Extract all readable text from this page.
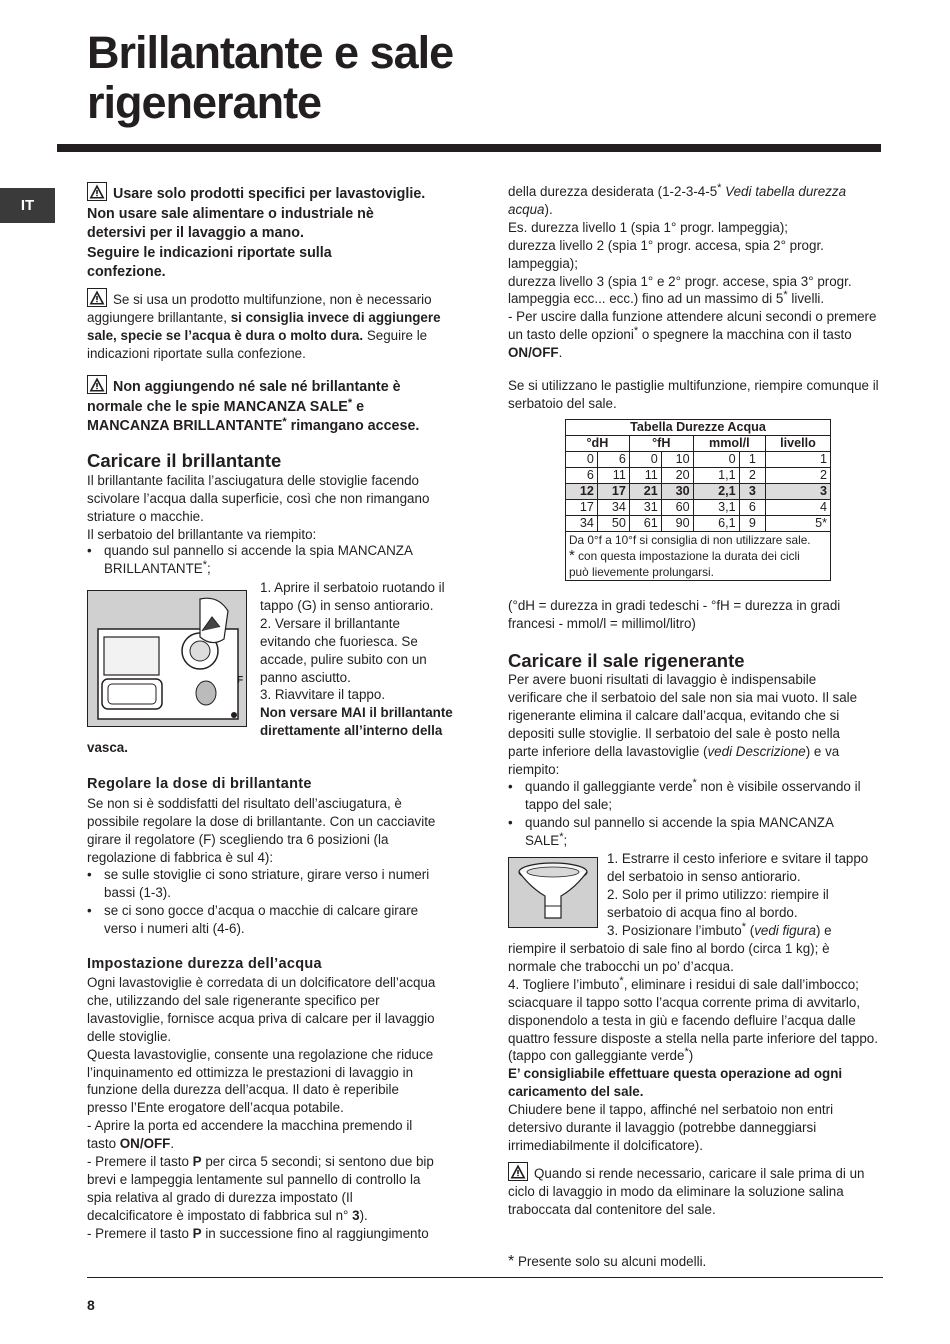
Brillantante e sale
rigenerante
IT
Usare solo prodotti specifici per lavastoviglie.
Non usare sale alimentare o industriale nè
detersivi per il lavaggio a mano.
Seguire le indicazioni riportate sulla
confezione.
Se si usa un prodotto multifunzione, non è necessario
aggiungere brillantante, si consiglia invece di aggiungere
sale, specie se l’acqua è dura o molto dura. Seguire le
indicazioni riportate sulla confezione.
Non aggiungendo né sale né brillantante è
normale che le spie MANCANZA SALE* e
MANCANZA BRILLANTANTE* rimangano accese.
Caricare il brillantante
Il brillantante facilita l’asciugatura delle stoviglie facendo
scivolare l’acqua dalla superficie, così che non rimangano
striature o macchie.
Il serbatoio del brillantante va riempito:
• quando sul pannello si accende la spia MANCANZA
BRILLANTANTE*;
F
1. Aprire il serbatoio ruotando il
tappo (G) in senso antiorario.
2. Versare il brillantante
evitando che fuoriesca. Se
accade, pulire subito con un
panno asciutto.
3. Riavvitare il tappo.
Non versare MAI il brillantante
direttamente all’interno della
vasca.
Regolare la dose di brillantante
Se non si è soddisfatti del risultato dell’asciugatura, è
possibile regolare la dose di brillantante. Con un cacciavite
girare il regolatore (F) scegliendo tra 6 posizioni (la
regolazione di fabbrica è sul 4):
• se sulle stoviglie ci sono striature, girare verso i numeri
bassi (1-3).
• se ci sono gocce d’acqua o macchie di calcare girare
verso i numeri alti (4-6).
Impostazione durezza dell’acqua
Ogni lavastoviglie è corredata di un dolcificatore dell’acqua
che, utilizzando del sale rigenerante specifico per
lavastoviglie, fornisce acqua priva di calcare per il lavaggio
delle stoviglie.
Questa lavastoviglie, consente una regolazione che riduce
l’inquinamento ed ottimizza le prestazioni di lavaggio in
funzione della durezza dell’acqua. Il dato è reperibile
presso l’Ente erogatore dell’acqua potabile.
- Aprire la porta ed accendere la macchina premendo il
tasto ON/OFF.
- Premere il tasto P per circa 5 secondi; si sentono due bip
brevi e lampeggia lentamente sul pannello di controllo la
spia relativa al grado di durezza impostato (Il
decalcificatore è impostato di fabbrica sul n° 3).
- Premere il tasto P in successione fino al raggiungimento
della durezza desiderata (1-2-3-4-5* Vedi tabella durezza
acqua).
Es. durezza livello 1 (spia 1° progr. lampeggia);
durezza livello 2 (spia 1° progr. accesa, spia 2° progr.
lampeggia);
durezza livello 3 (spia 1° e 2° progr. accese, spia 3° progr.
lampeggia ecc... ecc.) fino ad un massimo di 5* livelli.
- Per uscire dalla funzione attendere alcuni secondi o premere
un tasto delle opzioni* o spegnere la macchina con il tasto
ON/OFF.
Se si utilizzano le pastiglie multifunzione, riempire comunque il
serbatoio del sale.
Tabella Durezze Acqua						
°dH		°fH		mmol/l		livello
0	6	0	10	0	1	1
6	11	11	20	1,1	2	2
12	17	21	30	2,1	3	3
17	34	31	60	3,1	6	4
34	50	61	90	6,1	9	5*
Da 0°f a 10°f si consiglia di non utilizzare sale.
* con questa impostazione la durata dei cicli
può lievemente prolungarsi.						
(°dH = durezza in gradi tedeschi - °fH = durezza in gradi
francesi - mmol/l = millimol/litro)
Caricare il sale rigenerante
Per avere buoni risultati di lavaggio è indispensabile
verificare che il serbatoio del sale non sia mai vuoto. Il sale
rigenerante elimina il calcare dall’acqua, evitando che si
depositi sulle stoviglie. Il serbatoio del sale è posto nella
parte inferiore della lavastoviglie (vedi Descrizione) e va
riempito:
• quando il galleggiante verde* non è visibile osservando il
tappo del sale;
• quando sul pannello si accende la spia MANCANZA
SALE*;
1. Estrarre il cesto inferiore e svitare il tappo
del serbatoio in senso antiorario.
2. Solo per il primo utilizzo: riempire il
serbatoio di acqua fino al bordo.
3. Posizionare l’imbuto* (vedi figura) e
riempire il serbatoio di sale fino al bordo (circa 1 kg); è
normale che trabocchi un po’ d’acqua.
4. Togliere l’imbuto*, eliminare i residui di sale dall’imbocco;
sciacquare il tappo sotto l’acqua corrente prima di avvitarlo,
disponendolo a testa in giù e facendo defluire l’acqua dalle
quattro fessure disposte a stella nella parte inferiore del tappo.
(tappo con galleggiante verde*)
E’ consigliabile effettuare questa operazione ad ogni
caricamento del sale.
Chiudere bene il tappo, affinché nel serbatoio non entri
detersivo durante il lavaggio (potrebbe danneggiarsi
irrimediabilmente il dolcificatore).
Quando si rende necessario, caricare il sale prima di un
ciclo di lavaggio in modo da eliminare la soluzione salina
traboccata dal contenitore del sale.
* Presente solo su alcuni modelli.
8
